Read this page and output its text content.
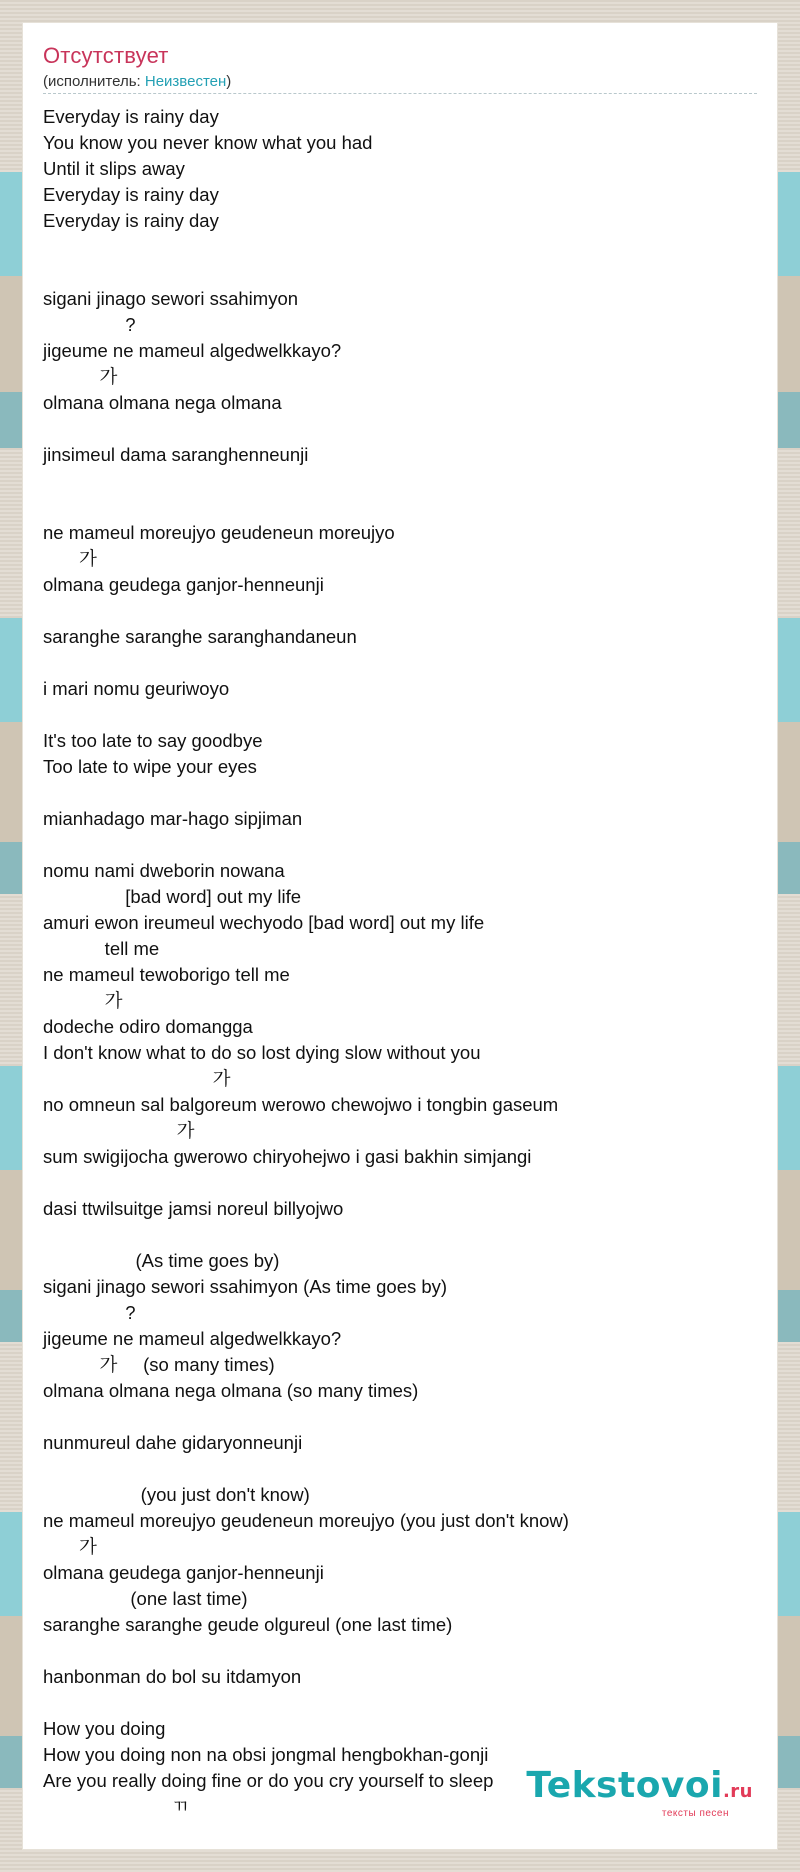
Отсутствует
(исполнитель: Неизвестен)
Everyday is rainy day
You know you never know what you had
Until it slips away
Everyday is rainy day
Everyday is rainy day
sigani jinago sewori ssahimyon
?
jigeume ne mameul algedwelkkayo?
가
olmana olmana nega olmana
jinsimeul dama saranghenneunji
ne mameul moreujyo geudeneun moreujyo
가
olmana geudega ganjor-henneunji
saranghe saranghe saranghandaneun
i mari nomu geuriwoyo
It's too late to say goodbye
Too late to wipe your eyes
mianhadago mar-hago sipjiman
nomu nami dweborin nowana
[bad word] out my life
amuri ewon ireumeul wechyodo [bad word] out my life
tell me
ne mameul tewoborigo tell me
가
dodeche odiro domangga
I don't know what to do so lost dying slow without you
가
no omneun sal balgoreum werowo chewojwo i tongbin gaseum
가
sum swigijocha gwerowo chiryohejwo i gasi bakhin simjangi
dasi ttwilsuitge jamsi noreul billyojwo
(As time goes by)
sigani jinago sewori ssahimyon (As time goes by)
?
jigeume ne mameul algedwelkkayo?
가     (so many times)
olmana olmana nega olmana (so many times)
nunmureul dahe gidaryonneunji
(you just don't know)
ne mameul moreujyo geudeneun moreujyo (you just don't know)
가
olmana geudega ganjor-henneunji
(one last time)
saranghe saranghe geude olgureul (one last time)
hanbonman do bol su itdamyon
How you doing
How you doing non na obsi jongmal hengbokhan-gonji
Are you really doing fine or do you cry yourself to sleep
ㄲ
Tekstovoi.ru
тексты песен
